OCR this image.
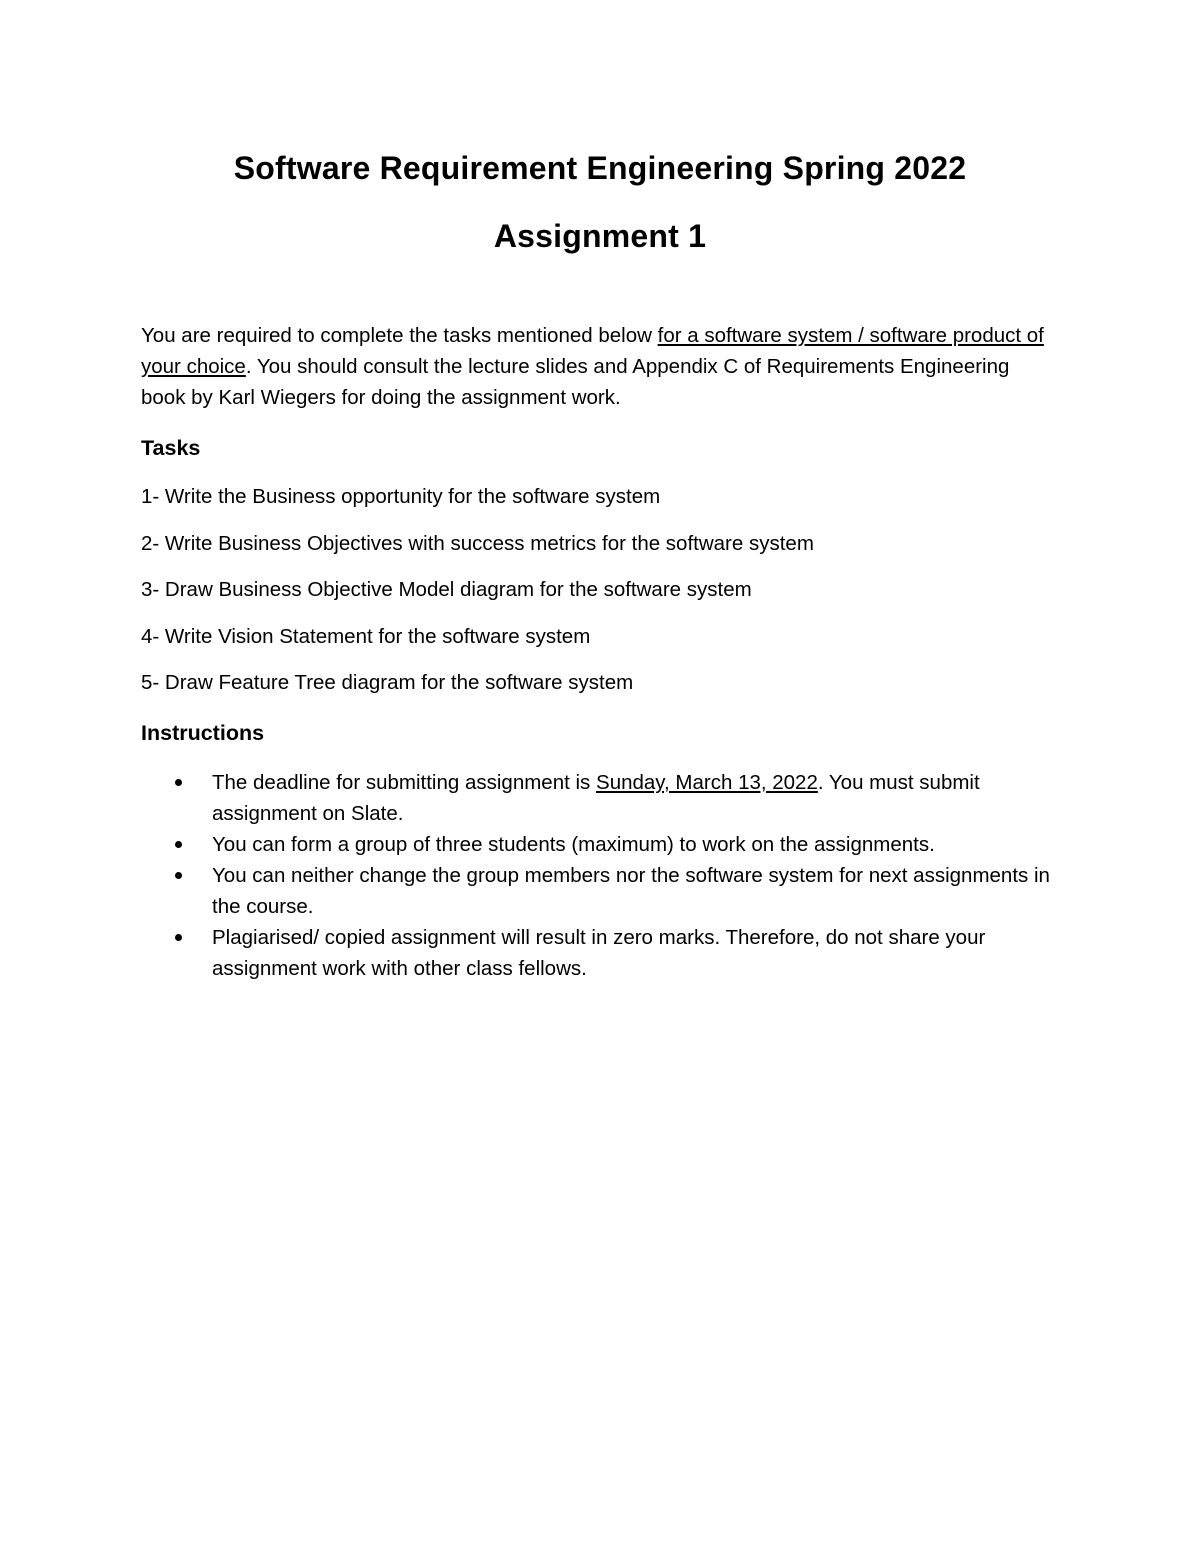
Software Requirement Engineering Spring 2022
Assignment 1

You are required to complete the tasks mentioned below for a software system / software product of your choice. You should consult the lecture slides and Appendix C of Requirements Engineering book by Karl Wiegers for doing the assignment work.

Tasks
1- Write the Business opportunity for the software system
2- Write Business Objectives with success metrics for the software system
3- Draw Business Objective Model diagram for the software system
4- Write Vision Statement for the software system
5- Draw Feature Tree diagram for the software system
Instructions
The deadline for submitting assignment is Sunday, March 13, 2022. You must submit assignment on Slate.
You can form a group of three students (maximum) to work on the assignments.
You can neither change the group members nor the software system for next assignments in the course.
Plagiarised/ copied assignment will result in zero marks. Therefore, do not share your assignment work with other class fellows.
